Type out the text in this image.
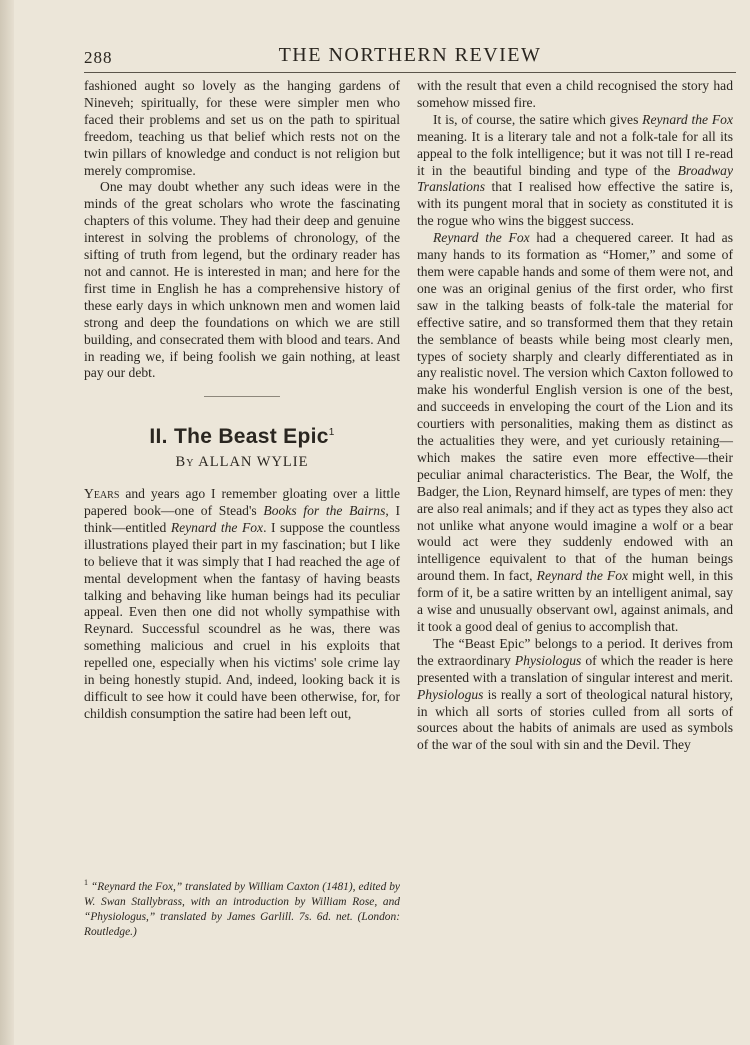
288	THE NORTHERN REVIEW

fashioned aught so lovely as the hanging gardens of Nineveh; spiritually, for these were simpler men who faced their problems and set us on the path to spiritual freedom, teaching us that belief which rests not on the twin pillars of knowledge and conduct is not religion but merely compromise.

One may doubt whether any such ideas were in the minds of the great scholars who wrote the fascinating chapters of this volume. They had their deep and genuine interest in solving the problems of chronology, of the sifting of truth from legend, but the ordinary reader has not and cannot. He is interested in man; and here for the first time in English he has a comprehensive history of these early days in which unknown men and women laid strong and deep the foundations on which we are still building, and consecrated them with blood and tears. And in reading we, if being foolish we gain nothing, at least pay our debt.

II. The Beast Epic$^1$
By ALLAN WYLIE

Years and years ago I remember gloating over a little papered book—one of Stead's Books for the Bairns, I think—entitled Reynard the Fox. I suppose the countless illustrations played their part in my fascination; but I like to believe that it was simply that I had reached the age of mental development when the fantasy of having beasts talking and behaving like human beings had its peculiar appeal. Even then one did not wholly sympathise with Reynard. Successful scoundrel as he was, there was something malicious and cruel in his exploits that repelled one, especially when his victims' sole crime lay in being honestly stupid. And, indeed, looking back it is difficult to see how it could have been otherwise, for, for childish consumption the satire had been left out,

$^1$ “Reynard the Fox,” translated by William Caxton (1481), edited by W. Swan Stallybrass, with an introduction by William Rose, and “Physiologus,” translated by James Garlill. 7s. 6d. net. (London: Routledge.)

with the result that even a child recognised the story had somehow missed fire.

It is, of course, the satire which gives Reynard the Fox meaning. It is a literary tale and not a folk-tale for all its appeal to the folk intelligence; but it was not till I re-read it in the beautiful binding and type of the Broadway Translations that I realised how effective the satire is, with its pungent moral that in society as constituted it is the rogue who wins the biggest success.

Reynard the Fox had a chequered career. It had as many hands to its formation as “Homer,” and some of them were capable hands and some of them were not, and one was an original genius of the first order, who first saw in the talking beasts of folk-tale the material for effective satire, and so transformed them that they retain the semblance of beasts while being most clearly men, types of society sharply and clearly differentiated as in any realistic novel. The version which Caxton followed to make his wonderful English version is one of the best, and succeeds in enveloping the court of the Lion and its courtiers with personalities, making them as distinct as the actualities they were, and yet curiously retaining—which makes the satire even more effective—their peculiar animal characteristics. The Bear, the Wolf, the Badger, the Lion, Reynard himself, are types of men: they are also real animals; and if they act as types they also act not unlike what anyone would imagine a wolf or a bear would act were they suddenly endowed with an intelligence equivalent to that of the human beings around them. In fact, Reynard the Fox might well, in this form of it, be a satire written by an intelligent animal, say a wise and unusually observant owl, against animals, and it took a good deal of genius to accomplish that.

The “Beast Epic” belongs to a period. It derives from the extraordinary Physiologus of which the reader is here presented with a translation of singular interest and merit. Physiologus is really a sort of theological natural history, in which all sorts of stories culled from all sorts of sources about the habits of animals are used as symbols of the war of the soul with sin and the Devil. They
